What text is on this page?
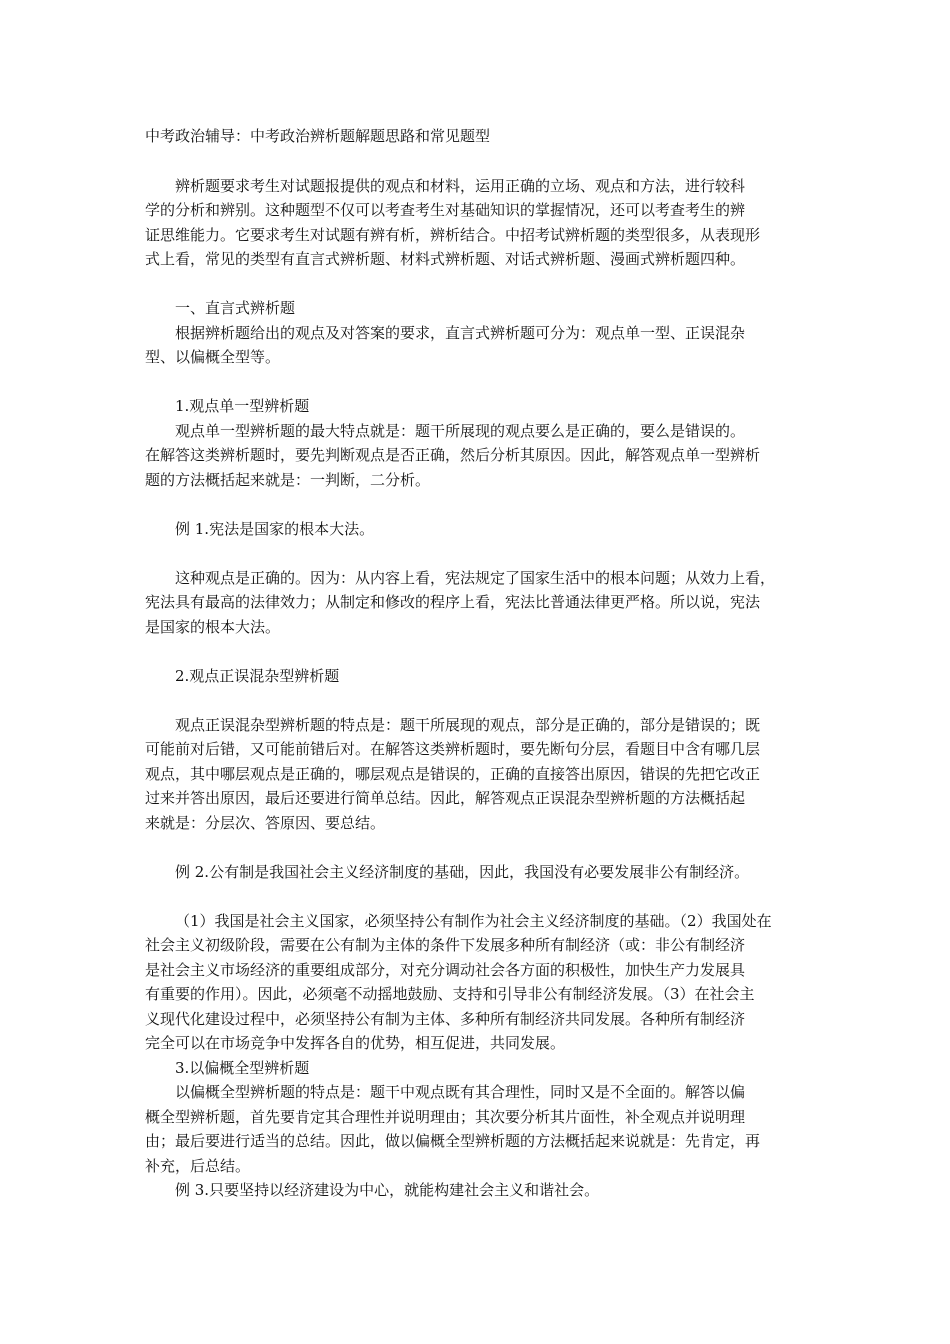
中考政治辅导：中考政治辨析题解题思路和常见题型
辨析题要求考生对试题报提供的观点和材料，运用正确的立场、观点和方法，进行较科
学的分析和辨别。这种题型不仅可以考查考生对基础知识的掌握情况，还可以考查考生的辨
证思维能力。它要求考生对试题有辨有析，辨析结合。中招考试辨析题的类型很多，从表现形
式上看，常见的类型有直言式辨析题、材料式辨析题、对话式辨析题、漫画式辨析题四种。
一、直言式辨析题
根据辨析题给出的观点及对答案的要求，直言式辨析题可分为：观点单一型、正误混杂
型、以偏概全型等。
1.观点单一型辨析题
观点单一型辨析题的最大特点就是：题干所展现的观点要么是正确的，要么是错误的。
在解答这类辨析题时，要先判断观点是否正确，然后分析其原因。因此，解答观点单一型辨析
题的方法概括起来就是：一判断，二分析。
例 1.宪法是国家的根本大法。
这种观点是正确的。因为：从内容上看，宪法规定了国家生活中的根本问题；从效力上看，
宪法具有最高的法律效力；从制定和修改的程序上看，宪法比普通法律更严格。所以说，宪法
是国家的根本大法。
2.观点正误混杂型辨析题
观点正误混杂型辨析题的特点是：题干所展现的观点，部分是正确的，部分是错误的；既
可能前对后错，又可能前错后对。在解答这类辨析题时，要先断句分层，看题目中含有哪几层
观点，其中哪层观点是正确的，哪层观点是错误的，正确的直接答出原因，错误的先把它改正
过来并答出原因，最后还要进行简单总结。因此，解答观点正误混杂型辨析题的方法概括起
来就是：分层次、答原因、要总结。
例 2.公有制是我国社会主义经济制度的基础，因此，我国没有必要发展非公有制经济。
（1）我国是社会主义国家，必须坚持公有制作为社会主义经济制度的基础。（2）我国处在
社会主义初级阶段，需要在公有制为主体的条件下发展多种所有制经济（或：非公有制经济
是社会主义市场经济的重要组成部分，对充分调动社会各方面的积极性，加快生产力发展具
有重要的作用）。因此，必须毫不动摇地鼓励、支持和引导非公有制经济发展。（3）在社会主
义现代化建设过程中，必须坚持公有制为主体、多种所有制经济共同发展。各种所有制经济
完全可以在市场竞争中发挥各自的优势，相互促进，共同发展。
3.以偏概全型辨析题
以偏概全型辨析题的特点是：题干中观点既有其合理性，同时又是不全面的。解答以偏
概全型辨析题，首先要肯定其合理性并说明理由；其次要分析其片面性，补全观点并说明理
由；最后要进行适当的总结。因此，做以偏概全型辨析题的方法概括起来说就是：先肯定，再
补充，后总结。
例 3.只要坚持以经济建设为中心，就能构建社会主义和谐社会。
